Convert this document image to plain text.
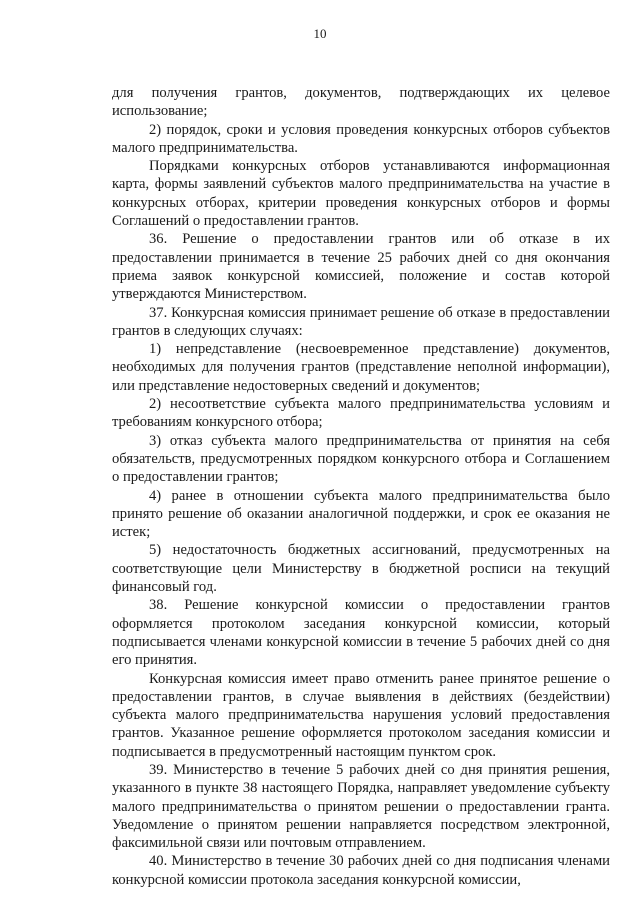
10

для получения грантов, документов, подтверждающих их целевое использование;

2) порядок, сроки и условия проведения конкурсных отборов субъектов малого предпринимательства.

Порядками конкурсных отборов устанавливаются информационная карта, формы заявлений субъектов малого предпринимательства на участие в конкурсных отборах, критерии проведения конкурсных отборов и формы Соглашений о предоставлении грантов.

36. Решение о предоставлении грантов или об отказе в их предоставлении принимается в течение 25 рабочих дней со дня окончания приема заявок конкурсной комиссией, положение и состав которой утверждаются Министерством.

37. Конкурсная комиссия принимает решение об отказе в предоставлении грантов в следующих случаях:

1) непредставление (несвоевременное представление) документов, необходимых для получения грантов (представление неполной информации), или представление недостоверных сведений и документов;

2) несоответствие субъекта малого предпринимательства условиям и требованиям конкурсного отбора;

3) отказ субъекта малого предпринимательства от принятия на себя обязательств, предусмотренных порядком конкурсного отбора и Соглашением о предоставлении грантов;

4) ранее в отношении субъекта малого предпринимательства было принято решение об оказании аналогичной поддержки, и срок ее оказания не истек;

5) недостаточность бюджетных ассигнований, предусмотренных на соответствующие цели Министерству в бюджетной росписи на текущий финансовый год.

38. Решение конкурсной комиссии о предоставлении грантов оформляется протоколом заседания конкурсной комиссии, который подписывается членами конкурсной комиссии в течение 5 рабочих дней со дня его принятия.

Конкурсная комиссия имеет право отменить ранее принятое решение о предоставлении грантов, в случае выявления в действиях (бездействии) субъекта малого предпринимательства нарушения условий предоставления грантов. Указанное решение оформляется протоколом заседания комиссии и подписывается в предусмотренный настоящим пунктом срок.

39. Министерство в течение 5 рабочих дней со дня принятия решения, указанного в пункте 38 настоящего Порядка, направляет уведомление субъекту малого предпринимательства о принятом решении о предоставлении гранта. Уведомление о принятом решении направляется посредством электронной, факсимильной связи или почтовым отправлением.

40. Министерство в течение 30 рабочих дней со дня подписания членами конкурсной комиссии протокола заседания конкурсной комиссии,
